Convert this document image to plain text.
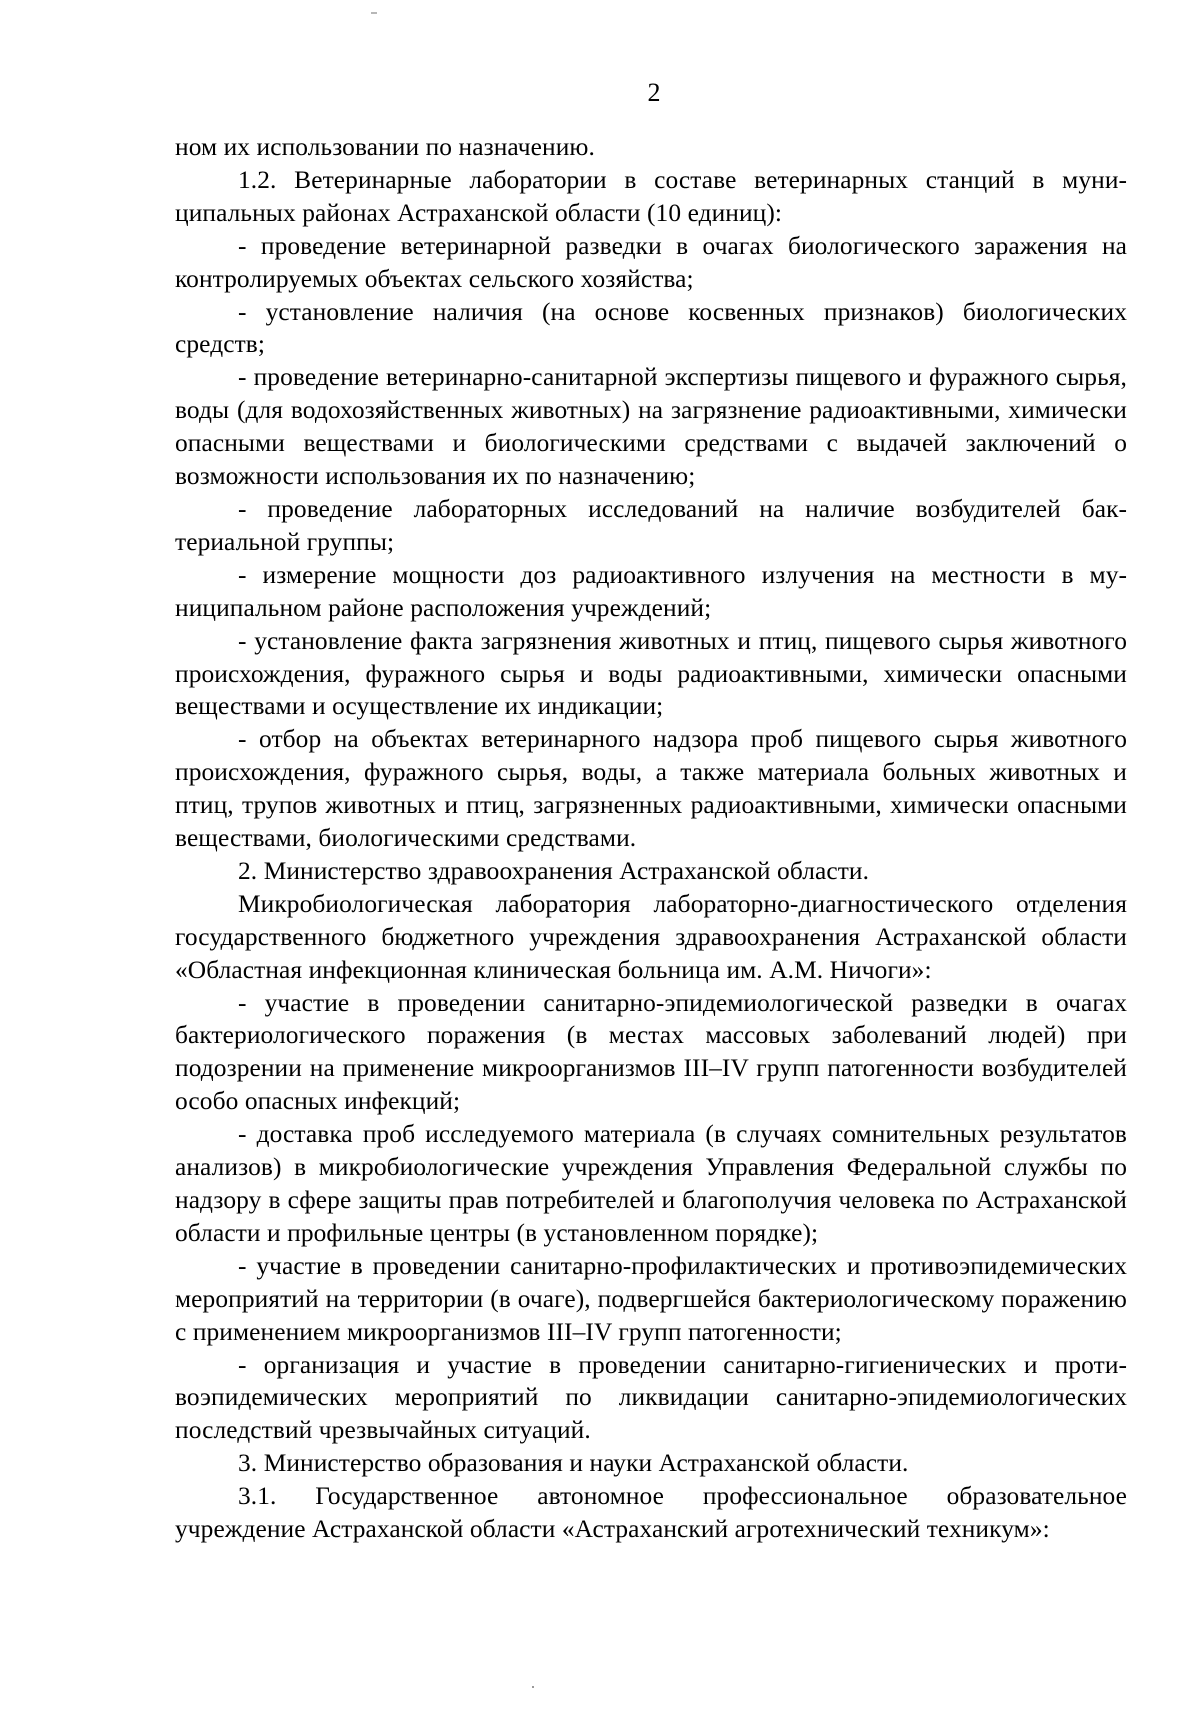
2

ном их использовании по назначению.

1.2. Ветеринарные лаборатории в составе ветеринарных станций в муниципальных районах Астраханской области (10 единиц):

- проведение ветеринарной разведки в очагах биологического заражения на контролируемых объектах сельского хозяйства;

- установление наличия (на основе косвенных признаков) биологических средств;

- проведение ветеринарно-санитарной экспертизы пищевого и фуражного сырья, воды (для водохозяйственных животных) на загрязнение радиоактивными, химически опасными веществами и биологическими средствами с выдачей заключений о возможности использования их по назначению;

- проведение лабораторных исследований на наличие возбудителей бактериальной группы;

- измерение мощности доз радиоактивного излучения на местности в муниципальном районе расположения учреждений;

- установление факта загрязнения животных и птиц, пищевого сырья животного происхождения, фуражного сырья и воды радиоактивными, химически опасными веществами и осуществление их индикации;

- отбор на объектах ветеринарного надзора проб пищевого сырья животного происхождения, фуражного сырья, воды, а также материала больных животных и птиц, трупов животных и птиц, загрязненных радиоактивными, химически опасными веществами, биологическими средствами.

2. Министерство здравоохранения Астраханской области.

Микробиологическая лаборатория лабораторно-диагностического отделения государственного бюджетного учреждения здравоохранения Астраханской области «Областная инфекционная клиническая больница им. А.М. Ничоги»:

- участие в проведении санитарно-эпидемиологической разведки в очагах бактериологического поражения (в местах массовых заболеваний людей) при подозрении на применение микроорганизмов III–IV групп патогенности возбудителей особо опасных инфекций;

- доставка проб исследуемого материала (в случаях сомнительных результатов анализов) в микробиологические учреждения Управления Федеральной службы по надзору в сфере защиты прав потребителей и благополучия человека по Астраханской области и профильные центры (в установленном порядке);

- участие в проведении санитарно-профилактических и противоэпидемических мероприятий на территории (в очаге), подвергшейся бактериологическому поражению с применением микроорганизмов III–IV групп патогенности;

- организация и участие в проведении санитарно-гигиенических и противоэпидемических мероприятий по ликвидации санитарно-эпидемиологических последствий чрезвычайных ситуаций.

3. Министерство образования и науки Астраханской области.

3.1. Государственное автономное профессиональное образовательное учреждение Астраханской области «Астраханский агротехнический техникум»:
